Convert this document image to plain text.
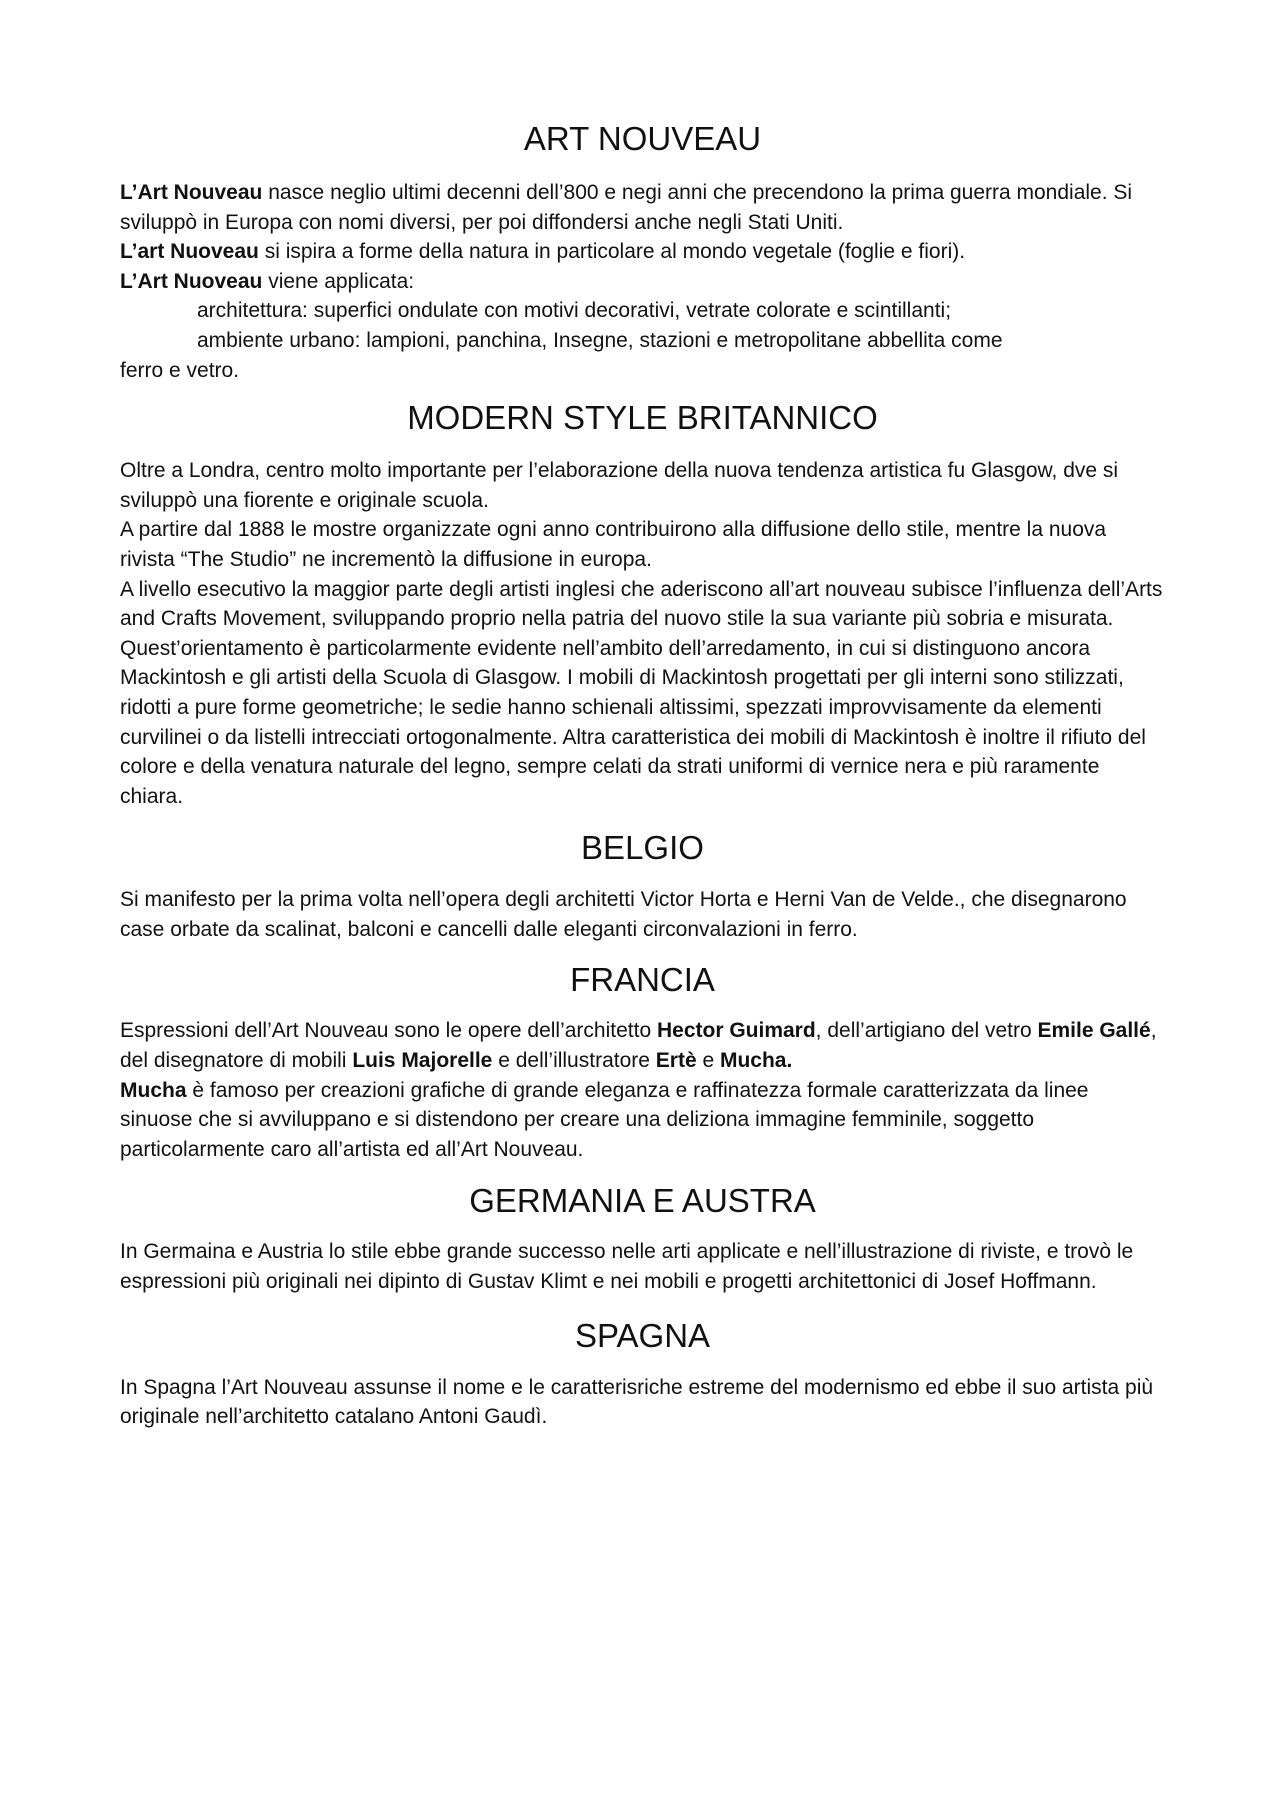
ART NOUVEAU

L’Art Nouveau nasce neglio ultimi decenni dell’800 e negi anni che precendono la prima guerra mondiale. Si sviluppò in Europa con nomi diversi, per poi diffondersi anche negli Stati Uniti.

L’art Nuoveau si ispira a forme della natura in particolare al mondo vegetale (foglie e fiori).

L’Art Nuoveau viene applicata:

architettura: superfici ondulate con motivi decorativi, vetrate colorate e scintillanti;

ambiente urbano: lampioni, panchina, Insegne, stazioni e metropolitane abbellita come

ferro e vetro.

MODERN STYLE BRITANNICO

Oltre a Londra, centro molto importante per l’elaborazione della nuova tendenza artistica fu Glasgow, dve si sviluppò una fiorente e originale scuola.

A partire dal 1888 le mostre organizzate ogni anno contribuirono alla diffusione dello stile, mentre la nuova rivista “The Studio” ne incrementò la diffusione in europa.

A livello esecutivo la maggior parte degli artisti inglesi che aderiscono all’art nouveau subisce l’influenza dell’Arts and Crafts Movement, sviluppando proprio nella patria del nuovo stile la sua variante più sobria e misurata. Quest’orientamento è particolarmente evidente nell’ambito dell’arredamento, in cui si distinguono ancora Mackintosh e gli artisti della Scuola di Glasgow. I mobili di Mackintosh progettati per gli interni sono stilizzati, ridotti a pure forme geometriche; le sedie hanno schienali altissimi, spezzati improvvisamente da elementi curvilinei o da listelli intrecciati ortogonalmente. Altra caratteristica dei mobili di Mackintosh è inoltre il rifiuto del colore e della venatura naturale del legno, sempre celati da strati uniformi di vernice nera e più raramente chiara.

BELGIO

Si manifesto per la prima volta nell’opera degli architetti Victor Horta e Herni Van de Velde., che disegnarono case orbate da scalinat, balconi e cancelli dalle eleganti circonvalazioni in ferro.

FRANCIA

Espressioni dell’Art Nouveau sono le opere dell’architetto Hector Guimard, dell’artigiano del vetro Emile Gallé, del disegnatore di mobili Luis Majorelle e dell’illustratore Ertè e Mucha.

Mucha è famoso per creazioni grafiche di grande eleganza e raffinatezza formale caratterizzata da linee sinuose che si avviluppano e si distendono per creare una deliziona immagine femminile, soggetto particolarmente caro all’artista ed all’Art Nouveau.

GERMANIA E AUSTRA

In Germaina e Austria lo stile ebbe grande successo nelle arti applicate e nell’illustrazione di riviste, e trovò le espressioni più originali nei dipinto di Gustav Klimt e nei mobili e progetti architettonici di Josef Hoffmann.

SPAGNA

In Spagna l’Art Nouveau assunse il nome e le caratterisriche estreme del modernismo ed ebbe il suo artista più originale nell’architetto catalano Antoni Gaudì.
